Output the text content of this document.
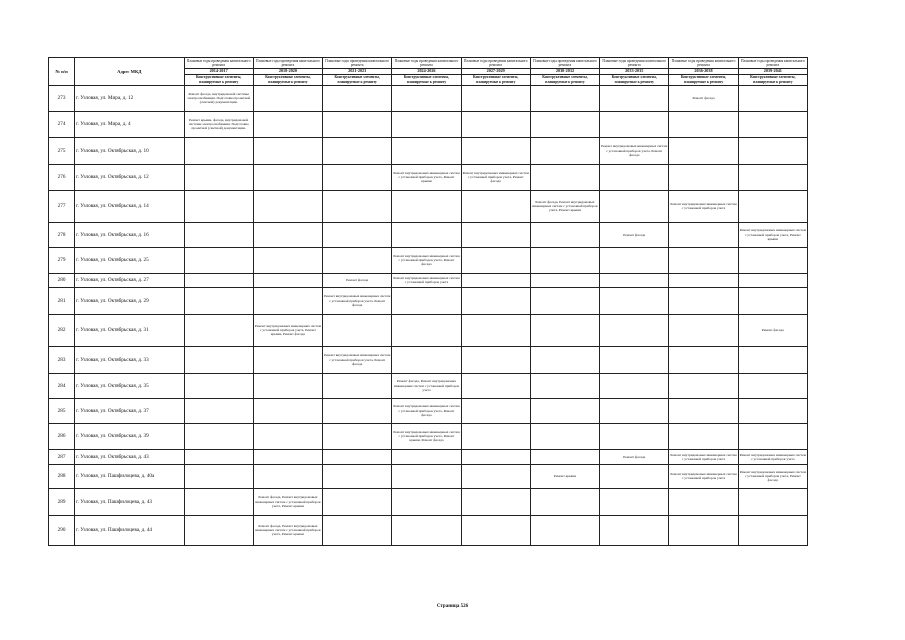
№ п/п	Адрес МКД	Плановые годы проведения капитального ремонта	Плановые годы проведения капитального ремонта	Плановые годы проведения капитального ремонта	Плановые годы проведения капитального ремонта	Плановые годы проведения капитального ремонта	Плановые годы проведения капитального ремонта	Плановые годы проведения капитального ремонта	Плановые годы проведения капитального ремонта	Плановые годы проведения капитального ремонта
		2014-2017	2018-2020	2021-2023	2024-2026	2027-2029	2030-2032	2033-2035	2036-2038	2039-2041
		Конструктивные элементы, планируемые к ремонту	Конструктивные элементы, планируемые к ремонту	Конструктивные элементы, планируемые к ремонту	Конструктивные элементы, планируемые к ремонту	Конструктивные элементы, планируемые к ремонту	Конструктивные элементы, планируемые к ремонту	Конструктивные элементы, планируемые к ремонту	Конструктивные элементы, планируемые к ремонту	Конструктивные элементы, планируемые к ремонту
273	г. Узловая, ул. Мира, д. 12	Ремонт фасада, внутридомовой системы электроснабжения. Подготовка проектной (сметной) документации.							Ремонт фасада	
274	г. Узловая, ул. Мира, д. 4	Ремонт крыши, фасада, внутридомовой системы электроснабжения. Подготовка проектной (сметной) документации.								
275	г. Узловая, ул. Октябрьская, д. 10							Ремонт внутридомовых инженерных систем с установкой приборов учета, Ремонт фасада		
276	г. Узловая, ул. Октябрьская, д. 12				Ремонт внутридомовых инженерных систем с установкой приборов учета, Ремонт крыши	Ремонт внутридомовых инженерных систем с установкой приборов учета, Ремонт фасада				
277	г. Узловая, ул. Октябрьская, д. 14						Ремонт фасада, Ремонт внутридомовых инженерных систем с установкой приборов учета, Ремонт крыши		Ремонт внутридомовых инженерных систем с установкой приборов учета	
278	г. Узловая, ул. Октябрьская, д. 16							Ремонт фасада		Ремонт внутридомовых инженерных систем с установкой приборов учета, Ремонт крыши
279	г. Узловая, ул. Октябрьская, д. 25				Ремонт внутридомовых инженерных систем с установкой приборов учета, Ремонт фасада					
280	г. Узловая, ул. Октябрьская, д. 27			Ремонт фасада	Ремонт внутридомовых инженерных систем с установкой приборов учета					
281	г. Узловая, ул. Октябрьская, д. 29			Ремонт внутридомовых инженерных систем с установкой приборов учета, Ремонт фасада						
282	г. Узловая, ул. Октябрьская, д. 31		Ремонт внутридомовых инженерных систем с установкой приборов учета, Ремонт крыши, Ремонт фасада							Ремонт фасада
283	г. Узловая, ул. Октябрьская, д. 33			Ремонт внутридомовых инженерных систем с установкой приборов учета, Ремонт фасада						
284	г. Узловая, ул. Октябрьская, д. 35				Ремонт фасада, Ремонт внутридомовых инженерных систем с установкой приборов учета					
285	г. Узловая, ул. Октябрьская, д. 37				Ремонт внутридомовых инженерных систем с установкой приборов учета, Ремонт фасада					
286	г. Узловая, ул. Октябрьская, д. 39				Ремонт внутридомовых инженерных систем с установкой приборов учета, Ремонт крыши, Ремонт фасада					
287	г. Узловая, ул. Октябрьская, д. 43							Ремонт фасада	Ремонт внутридомовых инженерных систем с установкой приборов учета	Ремонт внутридомовых инженерных систем с установкой приборов учета
288	г. Узловая, ул. Пашфилоцева, д. 40а						Ремонт крыши		Ремонт внутридомовых инженерных систем с установкой приборов учета	Ремонт внутридомовых инженерных систем с установкой приборов учета, Ремонт фасада
289	г. Узловая, ул. Пашфилоцева, д. 43		Ремонт фасада, Ремонт внутридомовых инженерных систем с установкой приборов учета, Ремонт крыши							
290	г. Узловая, ул. Пашфилоцева, д. 44		Ремонт фасада, Ремонт внутридомовых инженерных систем с установкой приборов учета, Ремонт крыши							
Страница 526
